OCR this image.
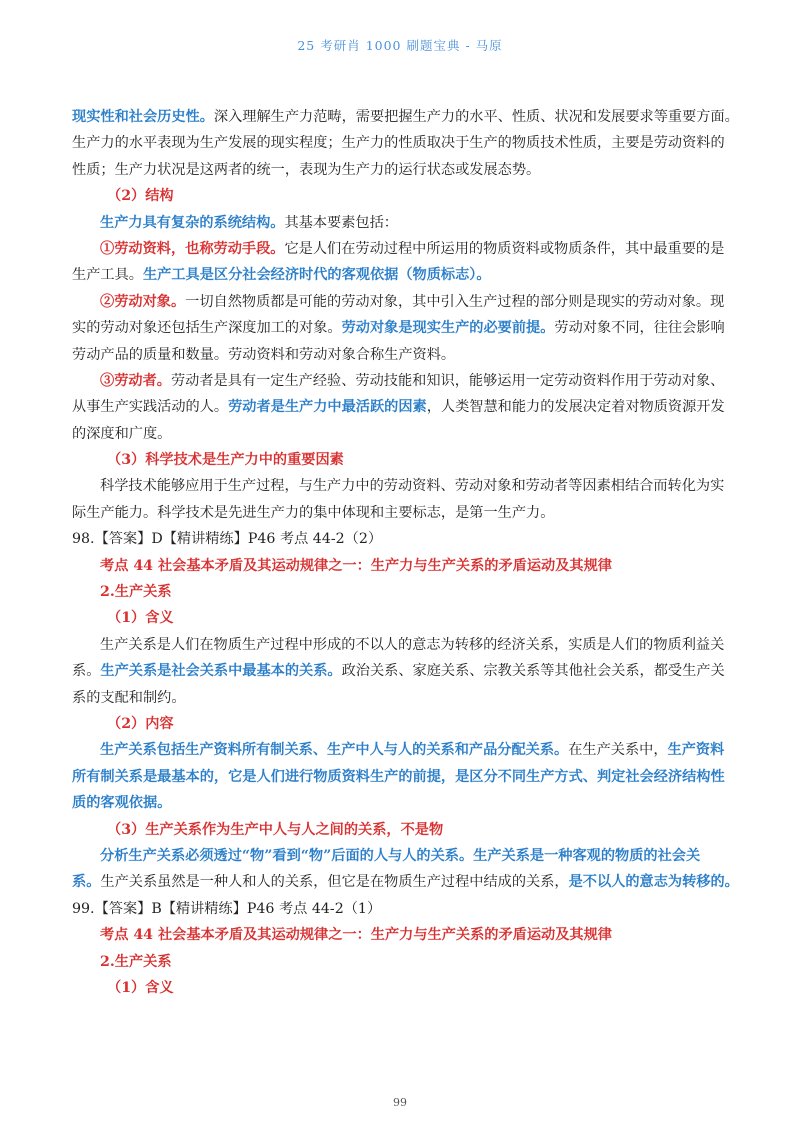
25 考研肖 1000 刷题宝典 - 马原
现实性和社会历史性。深入理解生产力范畴，需要把握生产力的水平、性质、状况和发展要求等重要方面。
生产力的水平表现为生产发展的现实程度；生产力的性质取决于生产的物质技术性质，主要是劳动资料的
性质；生产力状况是这两者的统一，表现为生产力的运行状态或发展态势。
（2）结构
生产力具有复杂的系统结构。其基本要素包括：
①劳动资料，也称劳动手段。它是人们在劳动过程中所运用的物质资料或物质条件，其中最重要的是
生产工具。生产工具是区分社会经济时代的客观依据（物质标志）。
②劳动对象。一切自然物质都是可能的劳动对象，其中引入生产过程的部分则是现实的劳动对象。现
实的劳动对象还包括生产深度加工的对象。劳动对象是现实生产的必要前提。劳动对象不同，往往会影响
劳动产品的质量和数量。劳动资料和劳动对象合称生产资料。
③劳动者。劳动者是具有一定生产经验、劳动技能和知识，能够运用一定劳动资料作用于劳动对象、
从事生产实践活动的人。劳动者是生产力中最活跃的因素，人类智慧和能力的发展决定着对物质资源开发
的深度和广度。
（3）科学技术是生产力中的重要因素
科学技术能够应用于生产过程，与生产力中的劳动资料、劳动对象和劳动者等因素相结合而转化为实
际生产能力。科学技术是先进生产力的集中体现和主要标志，是第一生产力。
98.【答案】D【精讲精练】P46 考点 44-2（2）
考点 44 社会基本矛盾及其运动规律之一：生产力与生产关系的矛盾运动及其规律
2.生产关系
（1）含义
生产关系是人们在物质生产过程中形成的不以人的意志为转移的经济关系，实质是人们的物质利益关
系。生产关系是社会关系中最基本的关系。政治关系、家庭关系、宗教关系等其他社会关系，都受生产关
系的支配和制约。
（2）内容
生产关系包括生产资料所有制关系、生产中人与人的关系和产品分配关系。在生产关系中，生产资料
所有制关系是最基本的，它是人们进行物质资料生产的前提，是区分不同生产方式、判定社会经济结构性
质的客观依据。
（3）生产关系作为生产中人与人之间的关系，不是物
分析生产关系必须透过“物”看到“物”后面的人与人的关系。生产关系是一种客观的物质的社会关
系。生产关系虽然是一种人和人的关系，但它是在物质生产过程中结成的关系，是不以人的意志为转移的。
99.【答案】B【精讲精练】P46 考点 44-2（1）
考点 44 社会基本矛盾及其运动规律之一：生产力与生产关系的矛盾运动及其规律
2.生产关系
（1）含义
99
